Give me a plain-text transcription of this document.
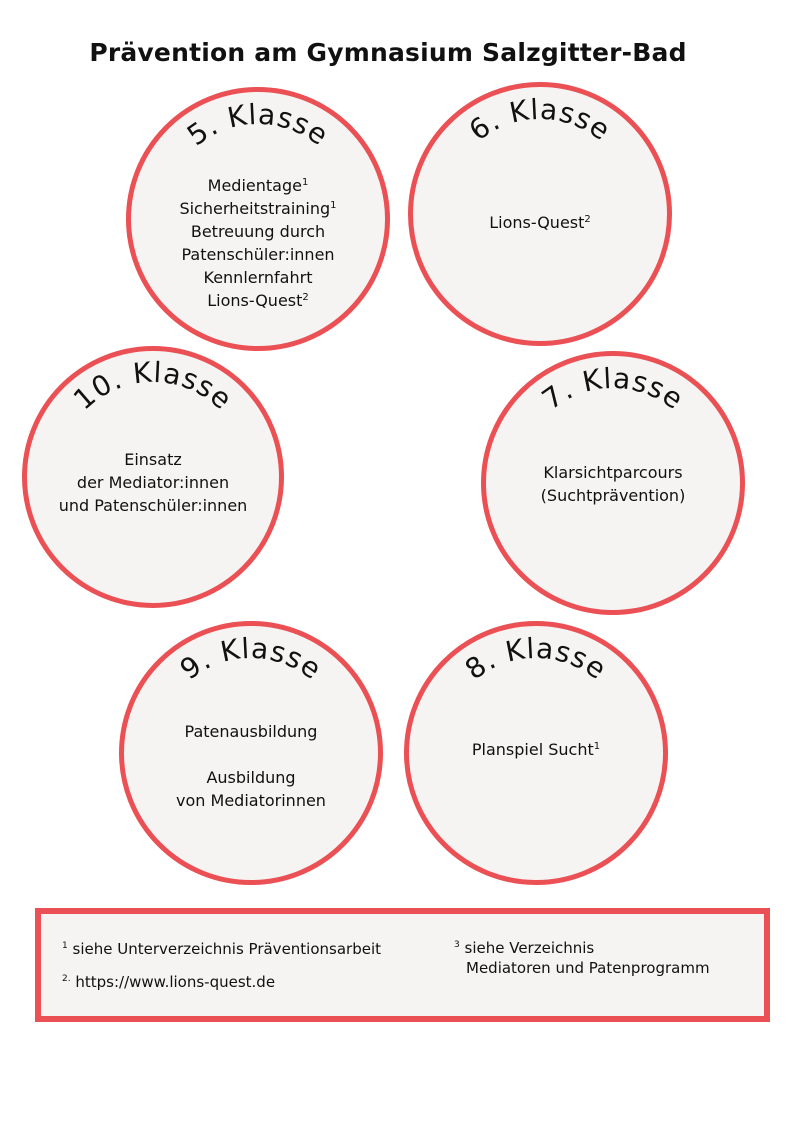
Prävention am Gymnasium Salzgitter-Bad
5. Klasse
Medientage$^1$
Sicherheitstraining$^1$
Betreuung durch
Patenschüler:innen
Kennlernfahrt
Lions-Quest$^2$
6. Klasse
Lions-Quest$^2$
10. Klasse
Einsatz
der Mediator:innen
und Patenschüler:innen
7. Klasse
Klarsichtparcours
(Suchtprävention)
9. Klasse
Patenausbildung
Ausbildung
von Mediatorinnen
8. Klasse
Planspiel Sucht$^1$
$^1$ siehe Unterverzeichnis Präventionsarbeit
$^{2.}$ https://www.lions-quest.de
$^3$ siehe Verzeichnis
Mediatoren und Patenprogramm
